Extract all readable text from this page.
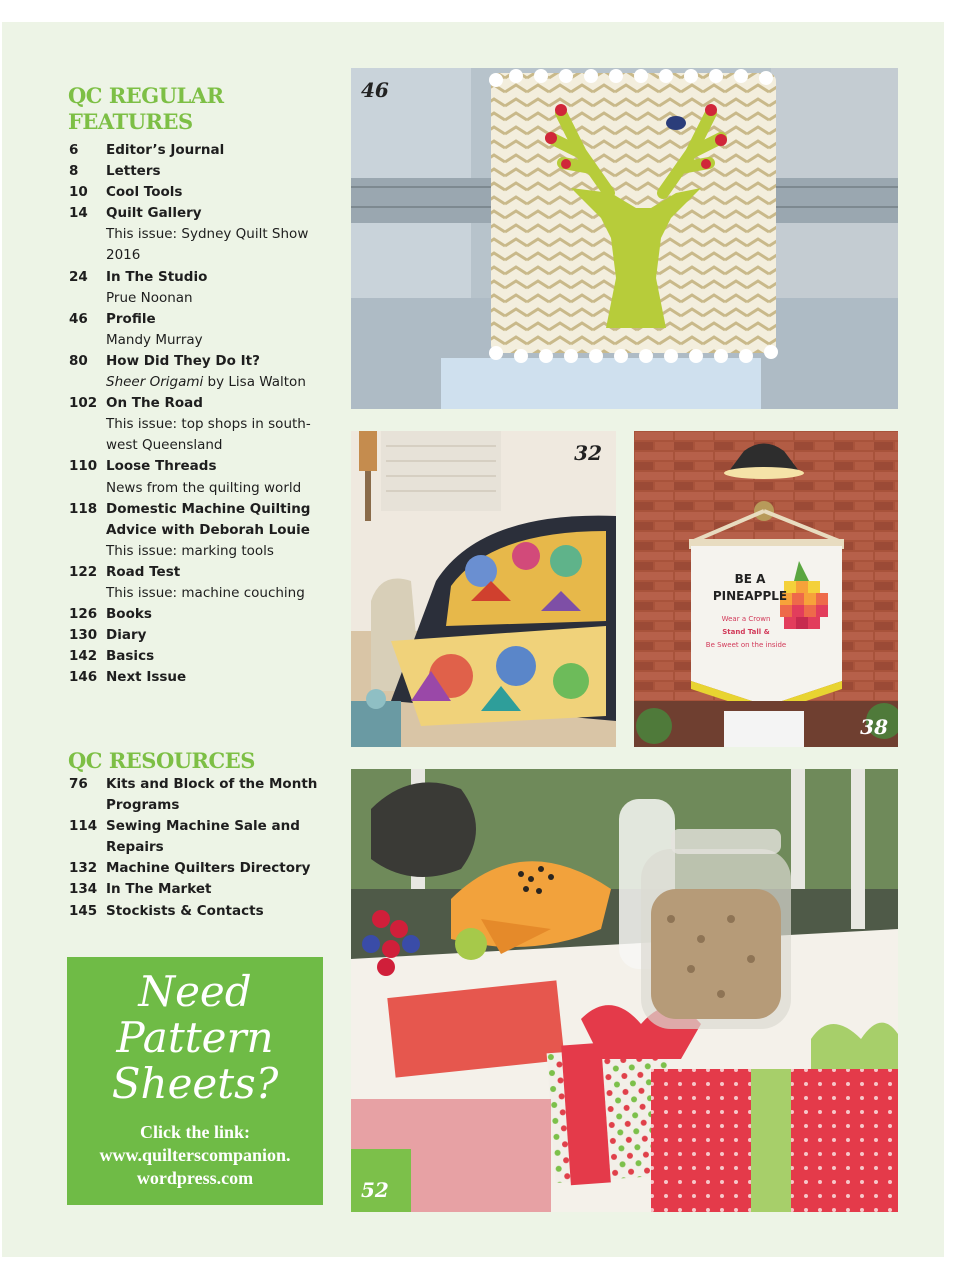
QC REGULAR
FEATURES
6	Editor’s Journal
8	Letters
10	Cool Tools
14	Quilt Gallery
This issue: Sydney Quilt Show 2016
24	In The Studio
Prue Noonan
46	Profile
Mandy Murray
80	How Did They Do It?
Sheer Origami by Lisa Walton
102 On The Road
This issue: top shops in south-west Queensland
110 Loose Threads
News from the quilting world
118 Domestic Machine Quilting Advice with Deborah Louie
This issue: marking tools
122 Road Test
This issue: machine couching
126 Books
130 Diary
142 Basics
146 Next Issue
QC RESOURCES
76	Kits and Block of the Month Programs
114 Sewing Machine Sale and Repairs
132 Machine Quilters Directory
134 In The Market
145 Stockists & Contacts
Need
Pattern
Sheets?
Click the link:
www.quilterscompanion.
wordpress.com
46
32
BE A
PINEAPPLE
Wear a Crown
Stand Tall &
Be Sweet on the inside
38
52
